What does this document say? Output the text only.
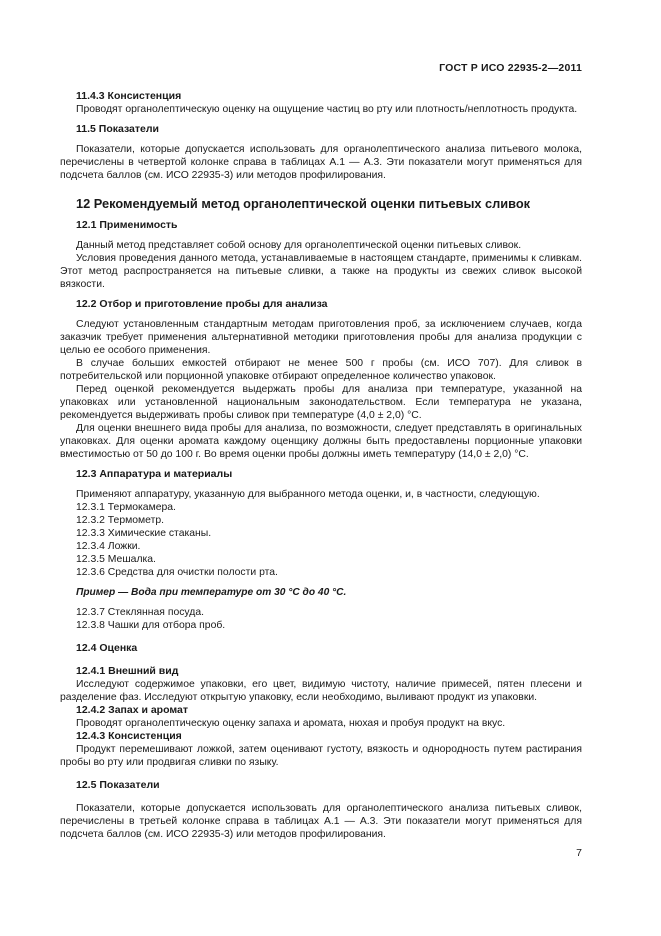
ГОСТ Р ИСО 22935-2—2011

11.4.3 Консистенция

Проводят органолептическую оценку на ощущение частиц во рту или плотность/неплотность продукта.

11.5 Показатели

Показатели, которые допускается использовать для органолептического анализа питьевого молока, перечислены в четвертой колонке справа в таблицах А.1 — А.3. Эти показатели могут применяться для подсчета баллов (см. ИСО 22935-3) или методов профилирования.

12 Рекомендуемый метод органолептической оценки питьевых сливок

12.1 Применимость

Данный метод представляет собой основу для органолептической оценки питьевых сливок.

Условия проведения данного метода, устанавливаемые в настоящем стандарте, применимы к сливкам. Этот метод распространяется на питьевые сливки, а также на продукты из свежих сливок высокой вязкости.

12.2 Отбор и приготовление пробы для анализа

Следуют установленным стандартным методам приготовления проб, за исключением случаев, когда заказчик требует применения альтернативной методики приготовления пробы для анализа продукции с целью ее особого применения.

В случае больших емкостей отбирают не менее 500 г пробы (см. ИСО 707). Для сливок в потребительской или порционной упаковке отбирают определенное количество упаковок.

Перед оценкой рекомендуется выдержать пробы для анализа при температуре, указанной на упаковках или установленной национальным законодательством. Если температура не указана, рекомендуется выдерживать пробы сливок при температуре (4,0 ± 2,0) °С.

Для оценки внешнего вида пробы для анализа, по возможности, следует представлять в оригинальных упаковках. Для оценки аромата каждому оценщику должны быть предоставлены порционные упаковки вместимостью от 50 до 100 г. Во время оценки пробы должны иметь температуру (14,0 ± 2,0) °С.

12.3 Аппаратура и материалы

Применяют аппаратуру, указанную для выбранного метода оценки, и, в частности, следующую.

12.3.1 Термокамера.

12.3.2 Термометр.

12.3.3 Химические стаканы.

12.3.4 Ложки.

12.3.5 Мешалка.

12.3.6 Средства для очистки полости рта.

Пример — Вода при температуре от 30 °С до 40 °С.

12.3.7 Стеклянная посуда.

12.3.8 Чашки для отбора проб.

12.4 Оценка

12.4.1 Внешний вид

Исследуют содержимое упаковки, его цвет, видимую чистоту, наличие примесей, пятен плесени и разделение фаз. Исследуют открытую упаковку, если необходимо, выливают продукт из упаковки.

12.4.2 Запах и аромат

Проводят органолептическую оценку запаха и аромата, нюхая и пробуя продукт на вкус.

12.4.3 Консистенция

Продукт перемешивают ложкой, затем оценивают густоту, вязкость и однородность путем растирания пробы во рту или продвигая сливки по языку.

12.5 Показатели

Показатели, которые допускается использовать для органолептического анализа питьевых сливок, перечислены в третьей колонке справа в таблицах А.1 — А.3. Эти показатели могут применяться для подсчета баллов (см. ИСО 22935-3) или методов профилирования.

7
